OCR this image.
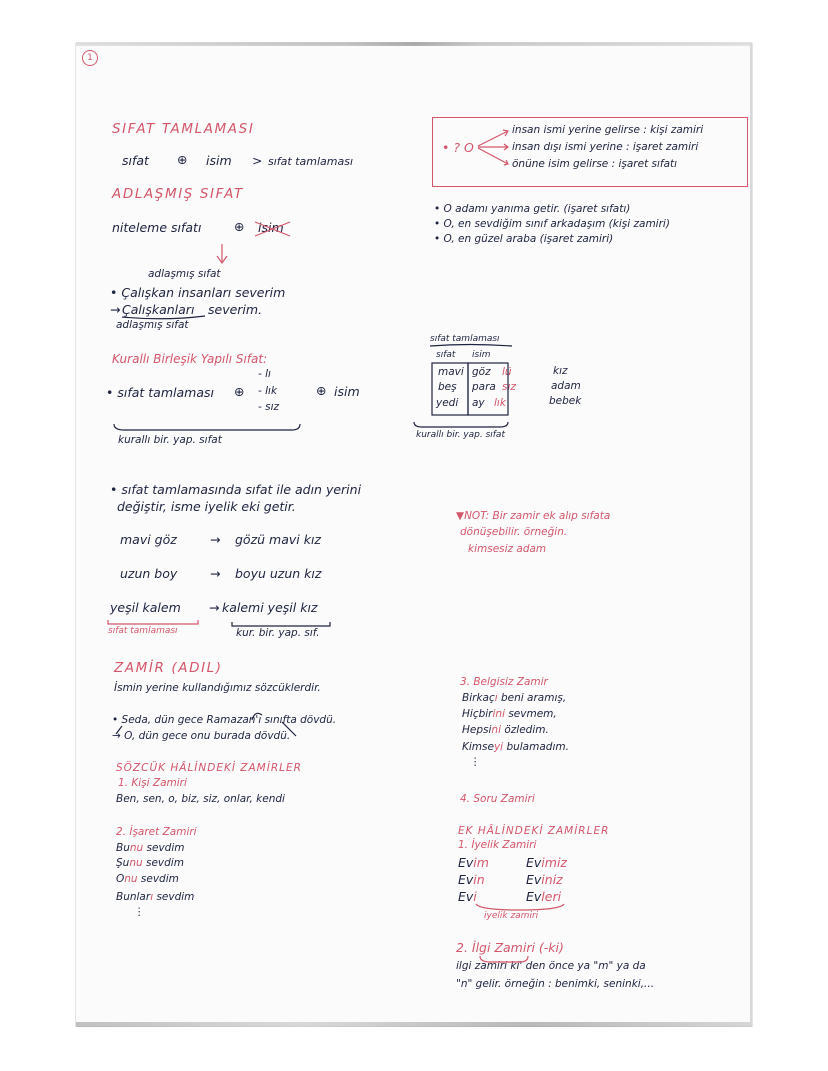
1
SIFAT TAMLAMASI
sıfat ⊕ isim > sıfat tamlaması
ADLAŞMIŞ SIFAT
niteleme sıfatı	⊕ isim
adlaşmış sıfat
• Çalışkan insanları severim
→ Çalışkanları severim.
adlaşmış sıfat
Kurallı Birleşik Yapılı Sıfat:
• sıfat tamlaması ⊕
- lı
- lık
- sız
⊕ isim
kurallı bir. yap. sıfat
• ? O
insan ismi yerine gelirse : kişi zamiri
insan dışı ismi yerine : işaret zamiri
önüne isim gelirse : işaret sıfatı
• O adamı yanıma getir. (işaret sıfatı)
• O, en sevdiğim sınıf arkadaşım (kişi zamiri)
• O, en güzel araba (işaret zamiri)
sıfat tamlaması
sıfat isim
mavi göz lü	kız
beş para sız	adam
yedi ay lık	bebek
kurallı bir. yap. sıfat
• sıfat tamlamasında sıfat ile adın yerini
değiştir, isme iyelik eki getir.
mavi göz	→ gözü mavi kız
uzun boy	→ boyu uzun kız
yeşil kalem → kalemi yeşil kız
sıfat tamlaması	kur. bir. yap. sıf.
▼NOT: Bir zamir ek alıp sıfata
dönüşebilir. örneğin.
kimsesiz adam
ZAMİR (ADIL)
İsmin yerine kullandığımız sözcüklerdir.
• Seda, dün gece Ramazan'ı sınıfta dövdü.
→ O, dün gece onu burada dövdü.
SÖZCÜK HÂLİNDEKİ ZAMİRLER
1. Kişi Zamiri
Ben, sen, o, biz, siz, onlar, kendi
2. İşaret Zamiri
Bunu sevdim
Şunu sevdim
Onu sevdim
Bunları sevdim
⋮
3. Belgisiz Zamir
Birkaçı beni aramış,
Hiçbirini sevmem,
Hepsini özledim.
Kimseyi bulamadım.
⋮
4. Soru Zamiri
EK HÂLİNDEKİ ZAMİRLER
1. İyelik Zamiri
Evim	Evimiz
Evin	Eviniz
Evi	Evleri
iyelik zamiri
2. İlgi Zamiri (-ki)
ilgi zamiri ki' den önce ya "m" ya da
"n" gelir. örneğin : benimki, seninki,...
